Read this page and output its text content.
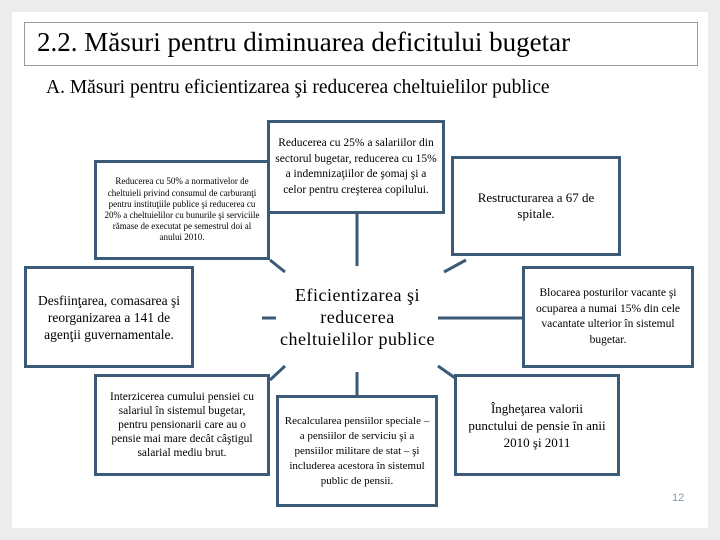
2.2. Măsuri pentru diminuarea deficitului bugetar
A. Măsuri pentru eficientizarea şi reducerea cheltuielilor publice
Eficientizarea şi reducerea cheltuielilor publice
Reducerea cu 50% a normativelor de cheltuieli privind consumul de carburanţi pentru instituţiile publice şi reducerea cu 20% a cheltuielilor cu bunurile şi serviciile rămase de executat pe semestrul doi al anului 2010.
Reducerea cu 25% a salariilor din sectorul bugetar, reducerea cu 15% a indemnizaţiilor de şomaj şi a celor pentru creşterea copilului.
Restructurarea a 67 de spitale.
Desfiinţarea, comasarea şi reorganizarea a 141 de agenţii guvernamentale.
Blocarea posturilor vacante şi ocuparea a numai 15% din cele vacantate ulterior în sistemul bugetar.
Interzicerea cumului pensiei cu salariul în sistemul bugetar, pentru pensionarii care au o pensie mai mare decât câştigul salarial mediu brut.
Recalcularea pensiilor speciale – a pensiilor de serviciu şi a pensiilor militare de stat – şi includerea acestora în sistemul public de pensii.
Îngheţarea valorii punctului de pensie în anii 2010 şi 2011
12
